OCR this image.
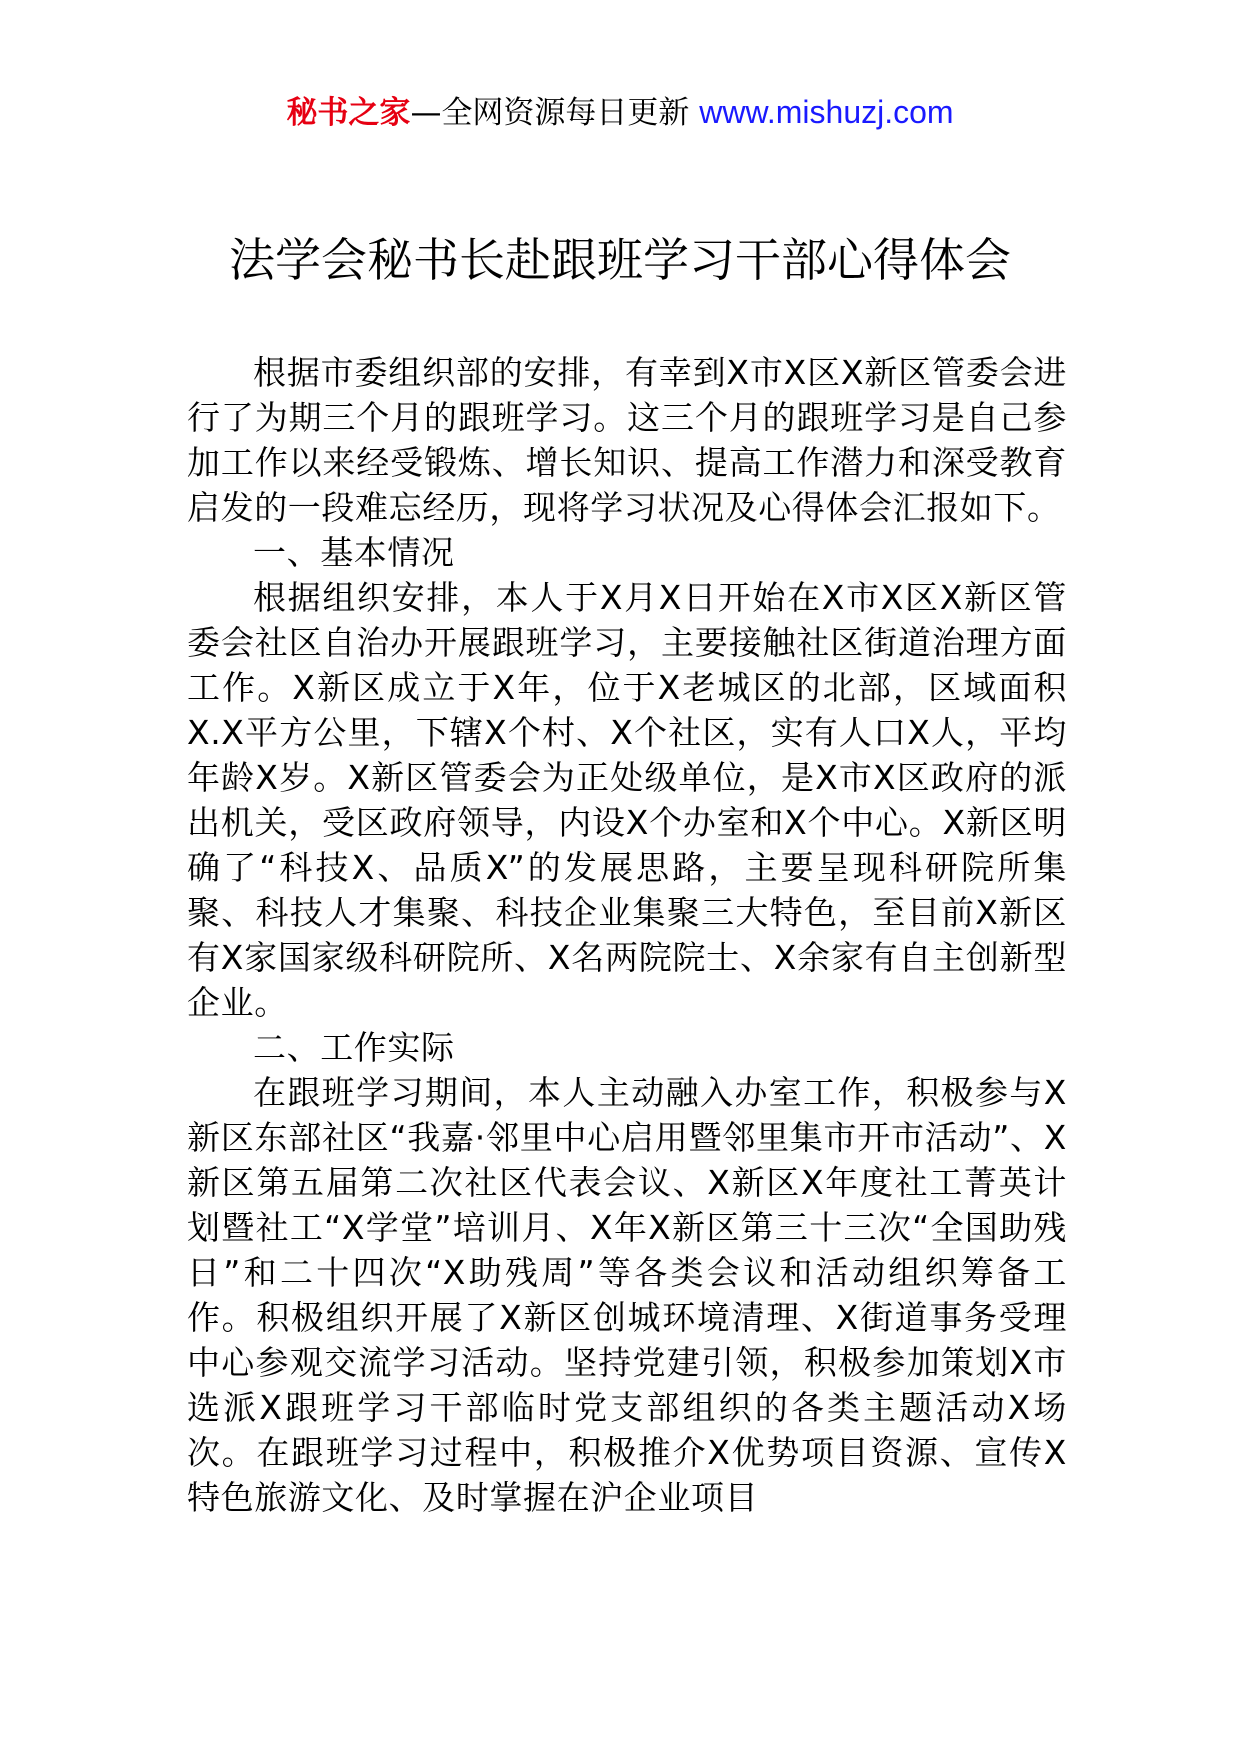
秘书之家—全网资源每日更新 www.mishuzj.com
法学会秘书长赴跟班学习干部心得体会

根据市委组织部的安排，有幸到X市X区X新区管委会进行了为期三个月的跟班学习。这三个月的跟班学习是自己参加工作以来经受锻炼、增长知识、提高工作潜力和深受教育启发的一段难忘经历，现将学习状况及心得体会汇报如下。

一、基本情况

根据组织安排，本人于X月X日开始在X市X区X新区管委会社区自治办开展跟班学习，主要接触社区街道治理方面工作。X新区成立于X年，位于X老城区的北部，区域面积X.X平方公里，下辖X个村、X个社区，实有人口X人，平均年龄X岁。X新区管委会为正处级单位，是X市X区政府的派出机关，受区政府领导，内设X个办室和X个中心。X新区明确了“科技X、品质X”的发展思路，主要呈现科研院所集聚、科技人才集聚、科技企业集聚三大特色，至目前X新区有X家国家级科研院所、X名两院院士、X余家有自主创新型企业。

二、工作实际

在跟班学习期间，本人主动融入办室工作，积极参与X新区东部社区“我嘉·邻里中心启用暨邻里集市开市活动”、X新区第五届第二次社区代表会议、X新区X年度社工菁英计划暨社工“X学堂”培训月、X年X新区第三十三次“全国助残日”和二十四次“X助残周”等各类会议和活动组织筹备工作。积极组织开展了X新区创城环境清理、X街道事务受理中心参观交流学习活动。坚持党建引领，积极参加策划X市选派X跟班学习干部临时党支部组织的各类主题活动X场次。在跟班学习过程中，积极推介X优势项目资源、宣传X特色旅游文化、及时掌握在沪企业项目
